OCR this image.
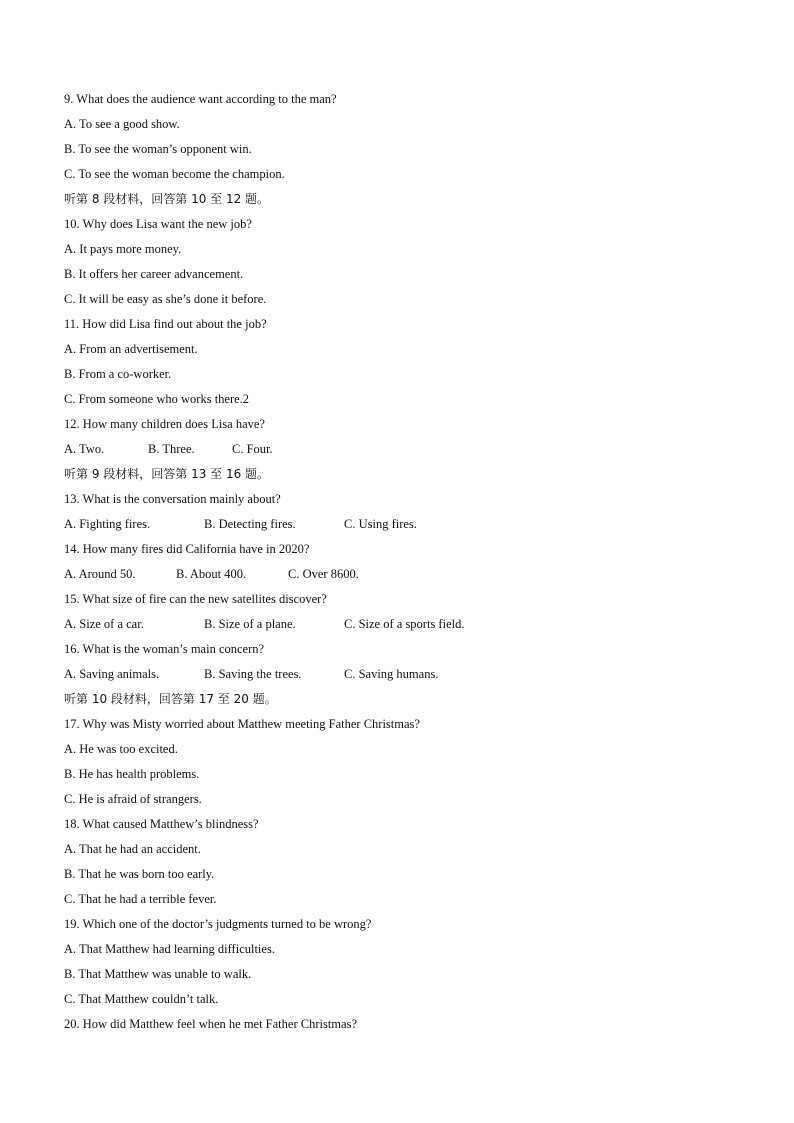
9. What does the audience want according to the man?
A. To see a good show.
B. To see the woman’s opponent win.
C. To see the woman become the champion.
听第 8 段材料，回答第 10 至 12 题。
10. Why does Lisa want the new job?
A. It pays more money.
B. It offers her career advancement.
C. It will be easy as she’s done it before.
11. How did Lisa find out about the job?
A. From an advertisement.
B. From a co-worker.
C. From someone who works there.2
12. How many children does Lisa have?
A. Two.	B. Three.	C. Four.
听第 9 段材料，回答第 13 至 16 题。
13. What is the conversation mainly about?
A. Fighting fires.	B. Detecting fires.	C. Using fires.
14. How many fires did California have in 2020?
A. Around 50.	B. About 400.	C. Over 8600.
15. What size of fire can the new satellites discover?
A. Size of a car.	B. Size of a plane.	C. Size of a sports field.
16. What is the woman’s main concern?
A. Saving animals.	B. Saving the trees.	C. Saving humans.
听第 10 段材料，回答第 17 至 20 题。
17. Why was Misty worried about Matthew meeting Father Christmas?
A. He was too excited.
B. He has health problems.
C. He is afraid of strangers.
18. What caused Matthew’s blindness?
A. That he had an accident.
B. That he was born too early.
C. That he had a terrible fever.
19. Which one of the doctor’s judgments turned to be wrong?
A. That Matthew had learning difficulties.
B. That Matthew was unable to walk.
C. That Matthew couldn’t talk.
20. How did Matthew feel when he met Father Christmas?
